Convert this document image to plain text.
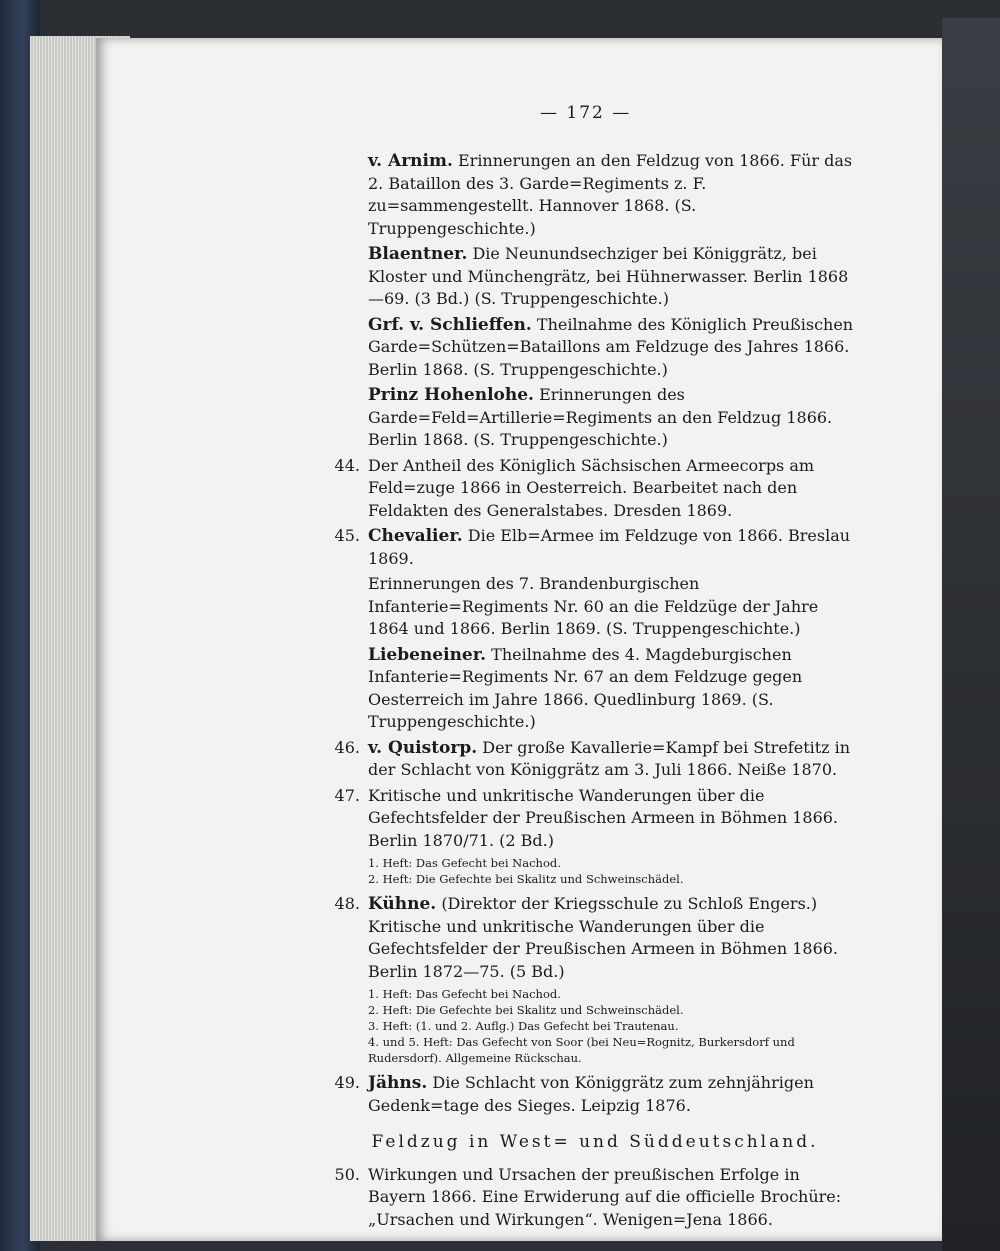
— 172 —
v. Arnim. Erinnerungen an den Feldzug von 1866. Für das 2. Bataillon des 3. Garde=Regiments z. F. zu=sammengestellt. Hannover 1868. (S. Truppengeschichte.)
Blaentner. Die Neunundsechziger bei Königgrätz, bei Kloster und Münchengrätz, bei Hühnerwasser. Berlin 1868—69. (3 Bd.) (S. Truppengeschichte.)
Grf. v. Schlieffen. Theilnahme des Königlich Preußischen Garde=Schützen=Bataillons am Feldzuge des Jahres 1866. Berlin 1868. (S. Truppengeschichte.)
Prinz Hohenlohe. Erinnerungen des Garde=Feld=Artillerie=Regiments an den Feldzug 1866. Berlin 1868. (S. Truppengeschichte.)
44. Der Antheil des Königlich Sächsischen Armeecorps am Feld=zuge 1866 in Oesterreich. Bearbeitet nach den Feldakten des Generalstabes. Dresden 1869.
45. Chevalier. Die Elb=Armee im Feldzuge von 1866. Breslau 1869.
Erinnerungen des 7. Brandenburgischen Infanterie=Regiments Nr. 60 an die Feldzüge der Jahre 1864 und 1866. Berlin 1869. (S. Truppengeschichte.)
Liebeneiner. Theilnahme des 4. Magdeburgischen Infanterie=Regiments Nr. 67 an dem Feldzuge gegen Oesterreich im Jahre 1866. Quedlinburg 1869. (S. Truppengeschichte.)
46. v. Quistorp. Der große Kavallerie=Kampf bei Strefetitz in der Schlacht von Königgrätz am 3. Juli 1866. Neiße 1870.
47. Kritische und unkritische Wanderungen über die Gefechtsfelder der Preußischen Armeen in Böhmen 1866. Berlin 1870/71. (2 Bd.)

1. Heft: Das Gefecht bei Nachod.

2. Heft: Die Gefechte bei Skalitz und Schweinschädel.

48. Kühne. (Direktor der Kriegsschule zu Schloß Engers.) Kritische und unkritische Wanderungen über die Gefechtsfelder der Preußischen Armeen in Böhmen 1866. Berlin 1872—75. (5 Bd.)

1. Heft: Das Gefecht bei Nachod.

2. Heft: Die Gefechte bei Skalitz und Schweinschädel.

3. Heft: (1. und 2. Auflg.) Das Gefecht bei Trautenau.

4. und 5. Heft: Das Gefecht von Soor (bei Neu=Rognitz, Burkersdorf und Rudersdorf). Allgemeine Rückschau.

49. Jähns. Die Schlacht von Königgrätz zum zehnjährigen Gedenk=tage des Sieges. Leipzig 1876.
Feldzug in West= und Süddeutschland.
50. Wirkungen und Ursachen der preußischen Erfolge in Bayern 1866. Eine Erwiderung auf die officielle Brochüre: „Ursachen und Wirkungen“. Wenigen=Jena 1866.
